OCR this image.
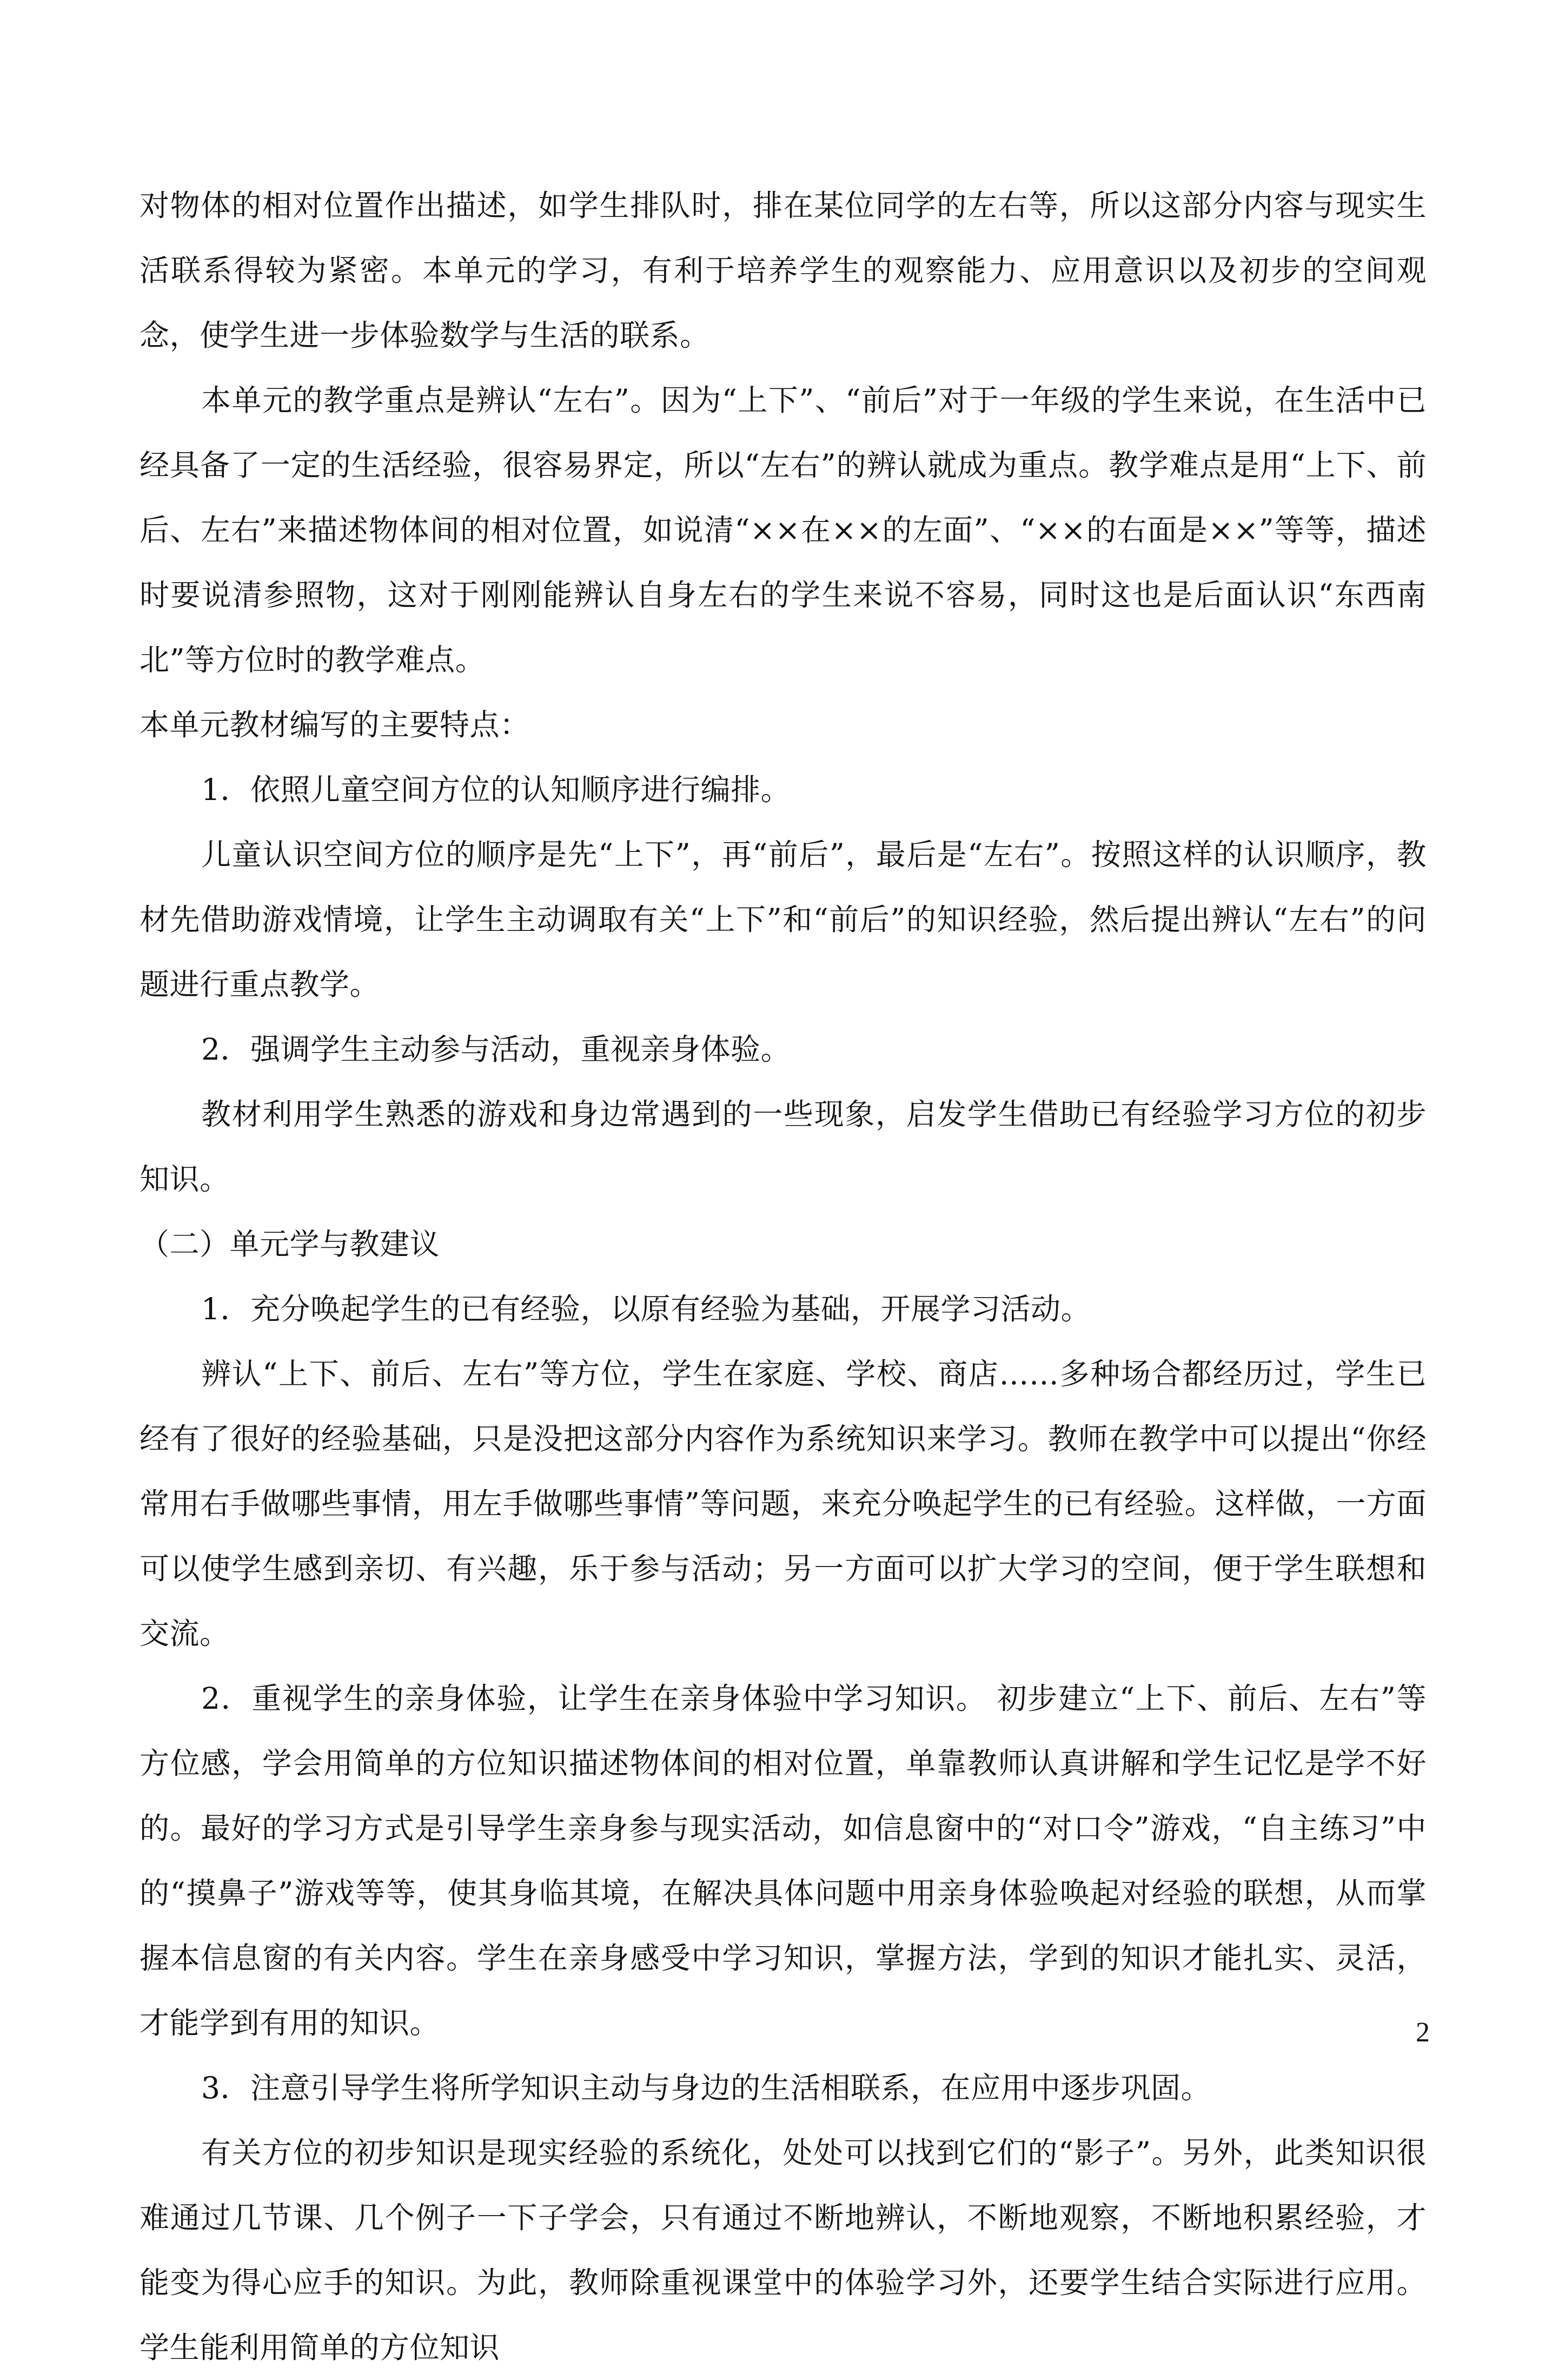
对物体的相对位置作出描述，如学生排队时，排在某位同学的左右等，所以这部分内容与现实生活联系得较为紧密。本单元的学习，有利于培养学生的观察能力、应用意识以及初步的空间观念，使学生进一步体验数学与生活的联系。

本单元的教学重点是辨认“左右”。因为“上下”、“前后”对于一年级的学生来说，在生活中已经具备了一定的生活经验，很容易界定，所以“左右”的辨认就成为重点。教学难点是用“上下、前后、左右”来描述物体间的相对位置，如说清“××在××的左面”、“××的右面是××”等等，描述时要说清参照物，这对于刚刚能辨认自身左右的学生来说不容易，同时这也是后面认识“东西南北”等方位时的教学难点。

本单元教材编写的主要特点：

1．依照儿童空间方位的认知顺序进行编排。

儿童认识空间方位的顺序是先“上下”，再“前后”，最后是“左右”。按照这样的认识顺序，教材先借助游戏情境，让学生主动调取有关“上下”和“前后”的知识经验，然后提出辨认“左右”的问题进行重点教学。

2．强调学生主动参与活动，重视亲身体验。

教材利用学生熟悉的游戏和身边常遇到的一些现象，启发学生借助已有经验学习方位的初步知识。

（二）单元学与教建议

1．充分唤起学生的已有经验，以原有经验为基础，开展学习活动。

辨认“上下、前后、左右”等方位，学生在家庭、学校、商店……多种场合都经历过，学生已经有了很好的经验基础，只是没把这部分内容作为系统知识来学习。教师在教学中可以提出“你经常用右手做哪些事情，用左手做哪些事情”等问题，来充分唤起学生的已有经验。这样做，一方面可以使学生感到亲切、有兴趣，乐于参与活动；另一方面可以扩大学习的空间，便于学生联想和交流。

2．重视学生的亲身体验，让学生在亲身体验中学习知识。 初步建立“上下、前后、左右”等方位感，学会用简单的方位知识描述物体间的相对位置，单靠教师认真讲解和学生记忆是学不好的。最好的学习方式是引导学生亲身参与现实活动，如信息窗中的“对口令”游戏，“自主练习”中的“摸鼻子”游戏等等，使其身临其境，在解决具体问题中用亲身体验唤起对经验的联想，从而掌握本信息窗的有关内容。学生在亲身感受中学习知识，掌握方法，学到的知识才能扎实、灵活，才能学到有用的知识。

3．注意引导学生将所学知识主动与身边的生活相联系，在应用中逐步巩固。

有关方位的初步知识是现实经验的系统化，处处可以找到它们的“影子”。另外，此类知识很难通过几节课、几个例子一下子学会，只有通过不断地辨认，不断地观察，不断地积累经验，才能变为得心应手的知识。为此，教师除重视课堂中的体验学习外，还要学生结合实际进行应用。学生能利用简单的方位知识

2
